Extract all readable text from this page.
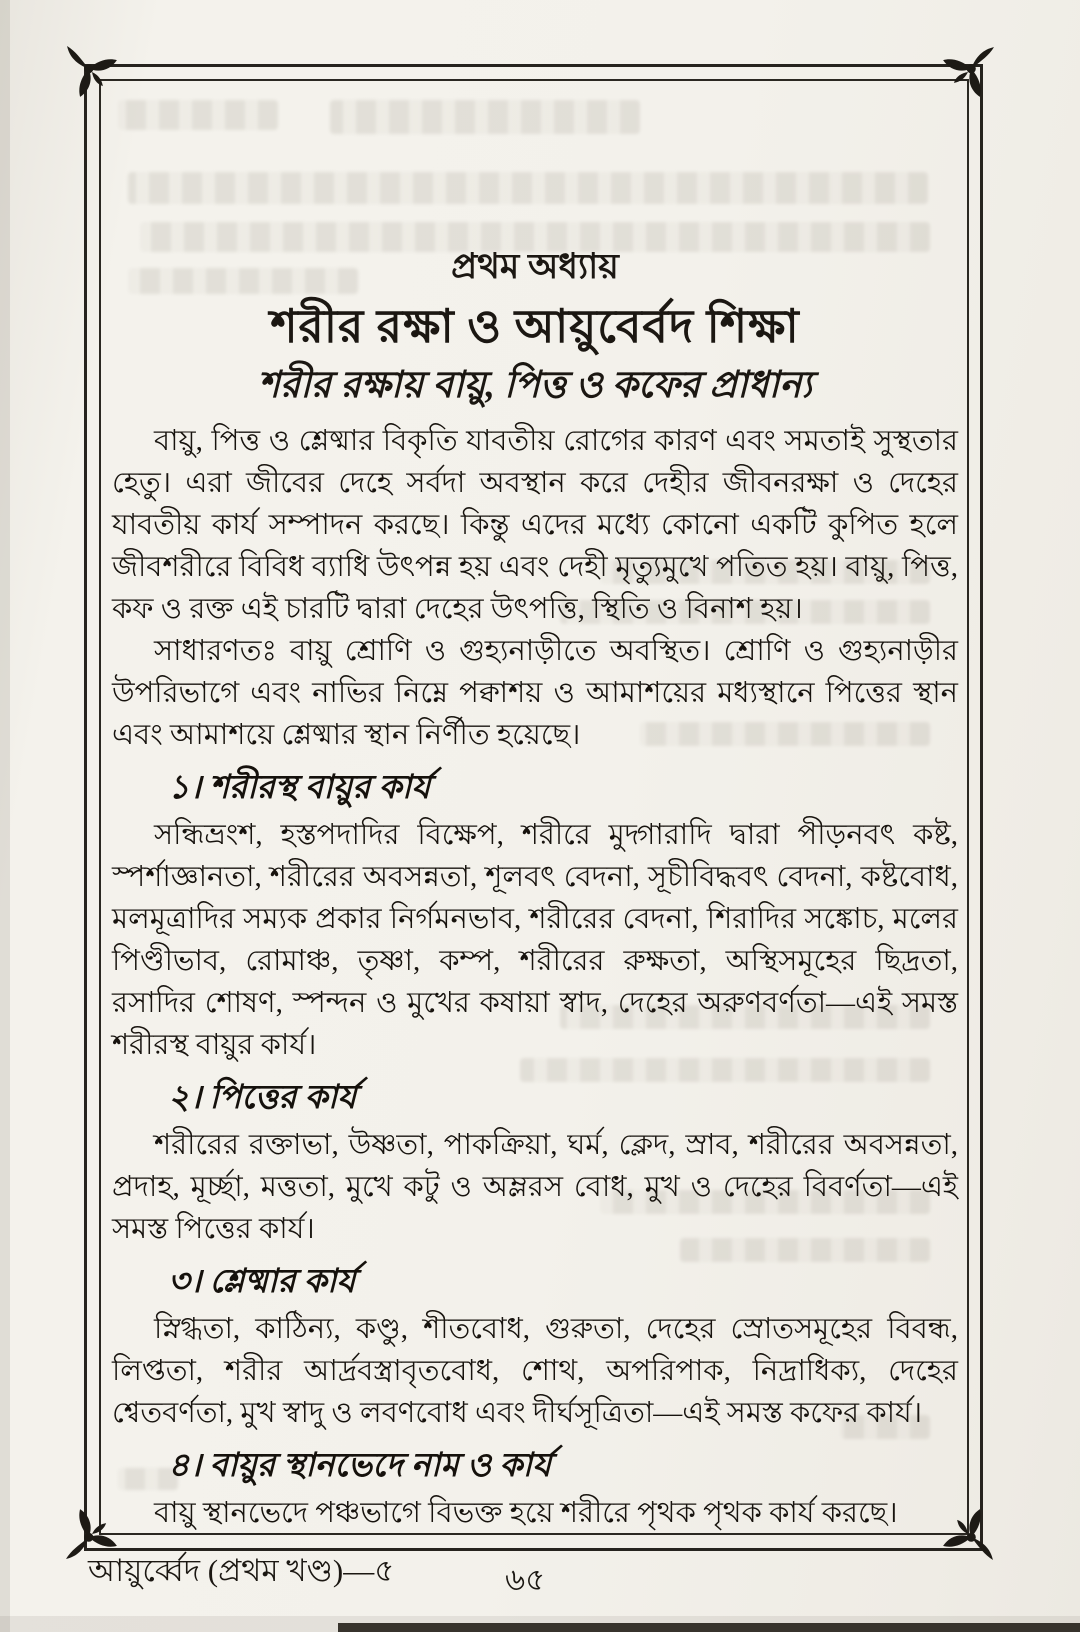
প্রথম অধ্যায়
শরীর রক্ষা ও আয়ুবের্বদ শিক্ষা
শরীর রক্ষায় বায়ু, পিত্ত ও কফের প্রাধান্য

বায়ু, পিত্ত ও শ্লেষ্মার বিকৃতি যাবতীয় রোগের কারণ এবং সমতাই সুস্থতার হেতু। এরা জীবের দেহে সর্বদা অবস্থান করে দেহীর জীবনরক্ষা ও দেহের যাবতীয় কার্য সম্পাদন করছে। কিন্তু এদের মধ্যে কোনো একটি কুপিত হলে জীবশরীরে বিবিধ ব্যাধি উৎপন্ন হয় এবং দেহী মৃত্যুমুখে পতিত হয়। বায়ু, পিত্ত, কফ ও রক্ত এই চারটি দ্বারা দেহের উৎপত্তি, স্থিতি ও বিনাশ হয়।

সাধারণতঃ বায়ু শ্রোণি ও গুহ্যনাড়ীতে অবস্থিত। শ্রোণি ও গুহ্যনাড়ীর উপরিভাগে এবং নাভির নিম্নে পক্বাশয় ও আমাশয়ের মধ্যস্থানে পিত্তের স্থান এবং আমাশয়ে শ্লেষ্মার স্থান নির্ণীত হয়েছে।

১। শরীরস্থ বায়ুর কার্য

সন্ধিভ্রংশ, হস্তপদাদির বিক্ষেপ, শরীরে মুদ্গারাদি দ্বারা পীড়নবৎ কষ্ট, স্পর্শাজ্ঞানতা, শরীরের অবসন্নতা, শূলবৎ বেদনা, সূচীবিদ্ধবৎ বেদনা, কষ্টবোধ, মলমূত্রাদির সম্যক প্রকার নির্গমনভাব, শরীরের বেদনা, শিরাদির সঙ্কোচ, মলের পিণ্ডীভাব, রোমাঞ্চ, তৃষ্ণা, কম্প, শরীরের রুক্ষতা, অস্থিসমূহের ছিদ্রতা, রসাদির শোষণ, স্পন্দন ও মুখের কষায়া স্বাদ, দেহের অরুণবর্ণতা—এই সমস্ত শরীরস্থ বায়ুর কার্য।

২। পিত্তের কার্য

শরীরের রক্তাভা, উষ্ণতা, পাকক্রিয়া, ঘর্ম, ক্লেদ, স্রাব, শরীরের অবসন্নতা, প্রদাহ, মূর্চ্ছা, মত্ততা, মুখে কটু ও অম্লরস বোধ, মুখ ও দেহের বিবর্ণতা—এই সমস্ত পিত্তের কার্য।

৩। শ্লেষ্মার কার্য

স্নিগ্ধতা, কাঠিন্য, কণ্ডু, শীতবোধ, গুরুতা, দেহের স্রোতসমূহের বিবন্ধ, লিপ্ততা, শরীর আর্দ্রবস্ত্রাবৃতবোধ, শোথ, অপরিপাক, নিদ্রাধিক্য, দেহের শ্বেতবর্ণতা, মুখ স্বাদু ও লবণবোধ এবং দীর্ঘসূত্রিতা—এই সমস্ত কফের কার্য।

৪। বায়ুর স্থানভেদে নাম ও কার্য

বায়ু স্থানভেদে পঞ্চভাগে বিভক্ত হয়ে শরীরে পৃথক পৃথক কার্য করছে।

আয়ুর্ব্বেদ (প্রথম খণ্ড)—৫	৬৫
